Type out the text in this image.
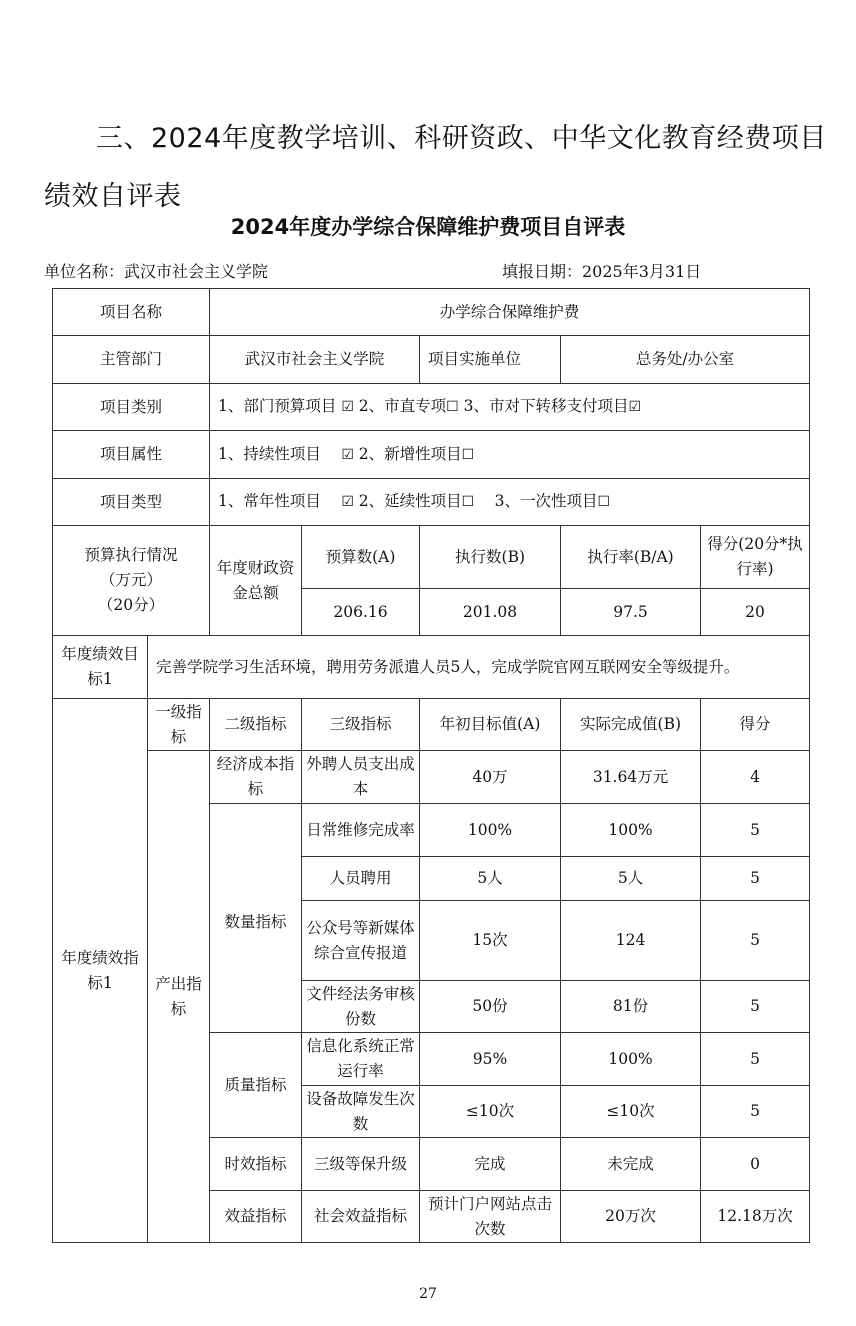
三、2024年度教学培训、科研资政、中华文化教育经费项目绩效自评表
2024年度办学综合保障维护费项目自评表
单位名称：武汉市社会主义学院	填报日期：2025年3月31日
项目名称		办学综合保障维护费					
主管部门		武汉市社会主义学院		项目实施单位	总务处/办公室		
项目类别		1、部门预算项目 ☑ 2、市直专项☐ 3、市对下转移支付项目☑					
项目属性		1、持续性项目　 ☑ 2、新增性项目☐					
项目类型		1、常年性项目　 ☑ 2、延续性项目☐　 3、一次性项目☐					

预算执行情况
（万元）
（20分）		年度财政资金总额	预算数(A)	执行数(B)	执行率(B/A)	得分(20分*执行率)	
			206.16	201.08	97.5	20	
年度绩效目标1	完善学院学习生活环境，聘用劳务派遣人员5人，完成学院官网互联网安全等级提升。						
年度绩效指标1	一级指标	二级指标	三级指标	年初目标值(A)	实际完成值(B)	得分	
	产出指标	经济成本指标	外聘人员支出成本	40万	31.64万元	4	
		数量指标	日常维修完成率	100%	100%	5	
			人员聘用	5人	5人	5	
			公众号等新媒体综合宣传报道	15次	124	5	
			文件经法务审核份数	50份	81份	5	
		质量指标	信息化系统正常运行率	95%	100%	5	
			设备故障发生次数	≤10次	≤10次	5	
		时效指标	三级等保升级	完成	未完成	0	
		效益指标	社会效益指标	预计门户网站点击次数	20万次	12.18万次	
27
